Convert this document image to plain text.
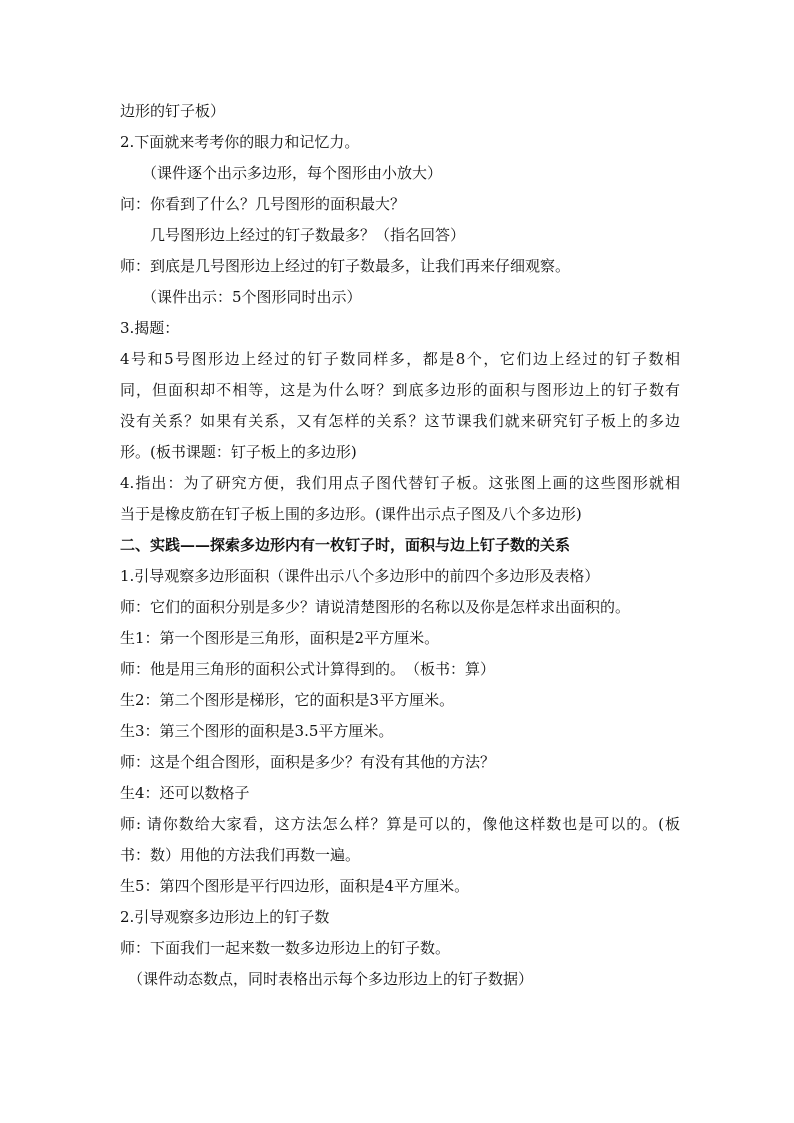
边形的钉子板）
2.下面就来考考你的眼力和记忆力。
（课件逐个出示多边形，每个图形由小放大）
问：你看到了什么？几号图形的面积最大？
几号图形边上经过的钉子数最多？（指名回答）
师：到底是几号图形边上经过的钉子数最多，让我们再来仔细观察。
（课件出示：5个图形同时出示）
3.揭题：
4号和5号图形边上经过的钉子数同样多，都是8个，它们边上经过的钉子数相
同，但面积却不相等，这是为什么呀？到底多边形的面积与图形边上的钉子数有
没有关系？如果有关系，又有怎样的关系？这节课我们就来研究钉子板上的多边
形。(板书课题：钉子板上的多边形)
4.指出：为了研究方便，我们用点子图代替钉子板。这张图上画的这些图形就相
当于是橡皮筋在钉子板上围的多边形。(课件出示点子图及八个多边形)
二、实践——探索多边形内有一枚钉子时，面积与边上钉子数的关系
1.引导观察多边形面积（课件出示八个多边形中的前四个多边形及表格）
师：它们的面积分别是多少？请说清楚图形的名称以及你是怎样求出面积的。
生1：第一个图形是三角形，面积是2平方厘米。
师：他是用三角形的面积公式计算得到的。　（板书：算）
生2：第二个图形是梯形，它的面积是3平方厘米。
生3：第三个图形的面积是3.5平方厘米。
师：这是个组合图形，面积是多少？有没有其他的方法？
生4：还可以数格子
师: 请你数给大家看，这方法怎么样？算是可以的，像他这样数也是可以的。(板
书：数）用他的方法我们再数一遍。
生5：第四个图形是平行四边形，面积是4平方厘米。
2.引导观察多边形边上的钉子数
师：下面我们一起来数一数多边形边上的钉子数。
（课件动态数点，同时表格出示每个多边形边上的钉子数据）
